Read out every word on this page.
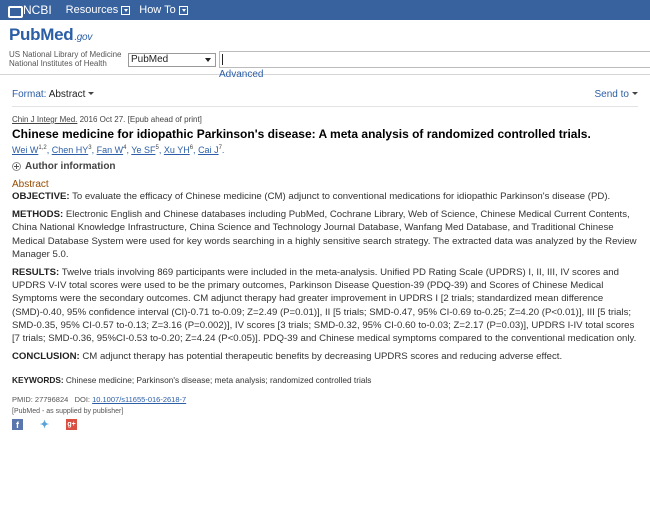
NCBI Resources How To
PubMed.gov
US National Library of Medicine
National Institutes of Health	PubMed
Advanced
Format: Abstract	Send to
Chin J Integr Med. 2016 Oct 27. [Epub ahead of print]
Chinese medicine for idiopathic Parkinson's disease: A meta analysis of randomized controlled trials.
Wei W$^{1,2}$, Chen $HY^3$, Fan $W^4$, Ye $SF^5$, Xu $YH^6$, Cai $J^7$.
Author information
Abstract

OBJECTIVE: To evaluate the efficacy of Chinese medicine (CM) adjunct to conventional medications for idiopathic Parkinson's disease (PD).

METHODS: Electronic English and Chinese databases including PubMed, Cochrane Library, Web of Science, Chinese Medical Current Contents, China National Knowledge Infrastructure, China Science and Technology Journal Database, Wanfang Med Database, and Traditional Chinese Medical Database System were used for key words searching in a highly sensitive search strategy. The extracted data was analyzed by the Review Manager 5.0.

RESULTS: Twelve trials involving 869 participants were included in the meta-analysis. Unified PD Rating Scale (UPDRS) I, II, III, IV scores and UPDRS V-IV total scores were used to be the primary outcomes, Parkinson Disease Question-39 (PDQ-39) and Scores of Chinese Medical Symptoms were the secondary outcomes. CM adjunct therapy had greater improvement in UPDRS I [2 trials; standardized mean difference (SMD)-0.40, 95% confidence interval (CI)-0.71 to-0.09; Z=2.49 (P=0.01)], II [5 trials; SMD-0.47, 95% CI-0.69 to-0.25; Z=4.20 (P<0.01)], III [5 trials; SMD-0.35, 95% CI-0.57 to-0.13; Z=3.16 (P=0.002)], IV scores [3 trials; SMD-0.32, 95% CI-0.60 to-0.03; Z=2.17 (P=0.03)], UPDRS I-IV total scores [7 trials; SMD-0.36, 95%CI-0.53 to-0.20; Z=4.24 (P<0.05)]. PDQ-39 and Chinese medical symptoms compared to the conventional medication only.

CONCLUSION: CM adjunct therapy has potential therapeutic benefits by decreasing UPDRS scores and reducing adverse effect.

KEYWORDS: Chinese medicine; Parkinson's disease; meta analysis; randomized controlled trials
PMID: 27796824 DOI: 10.1007/s11655-016-2618-7
[PubMed - as supplied by publisher]
f	✦	g+
